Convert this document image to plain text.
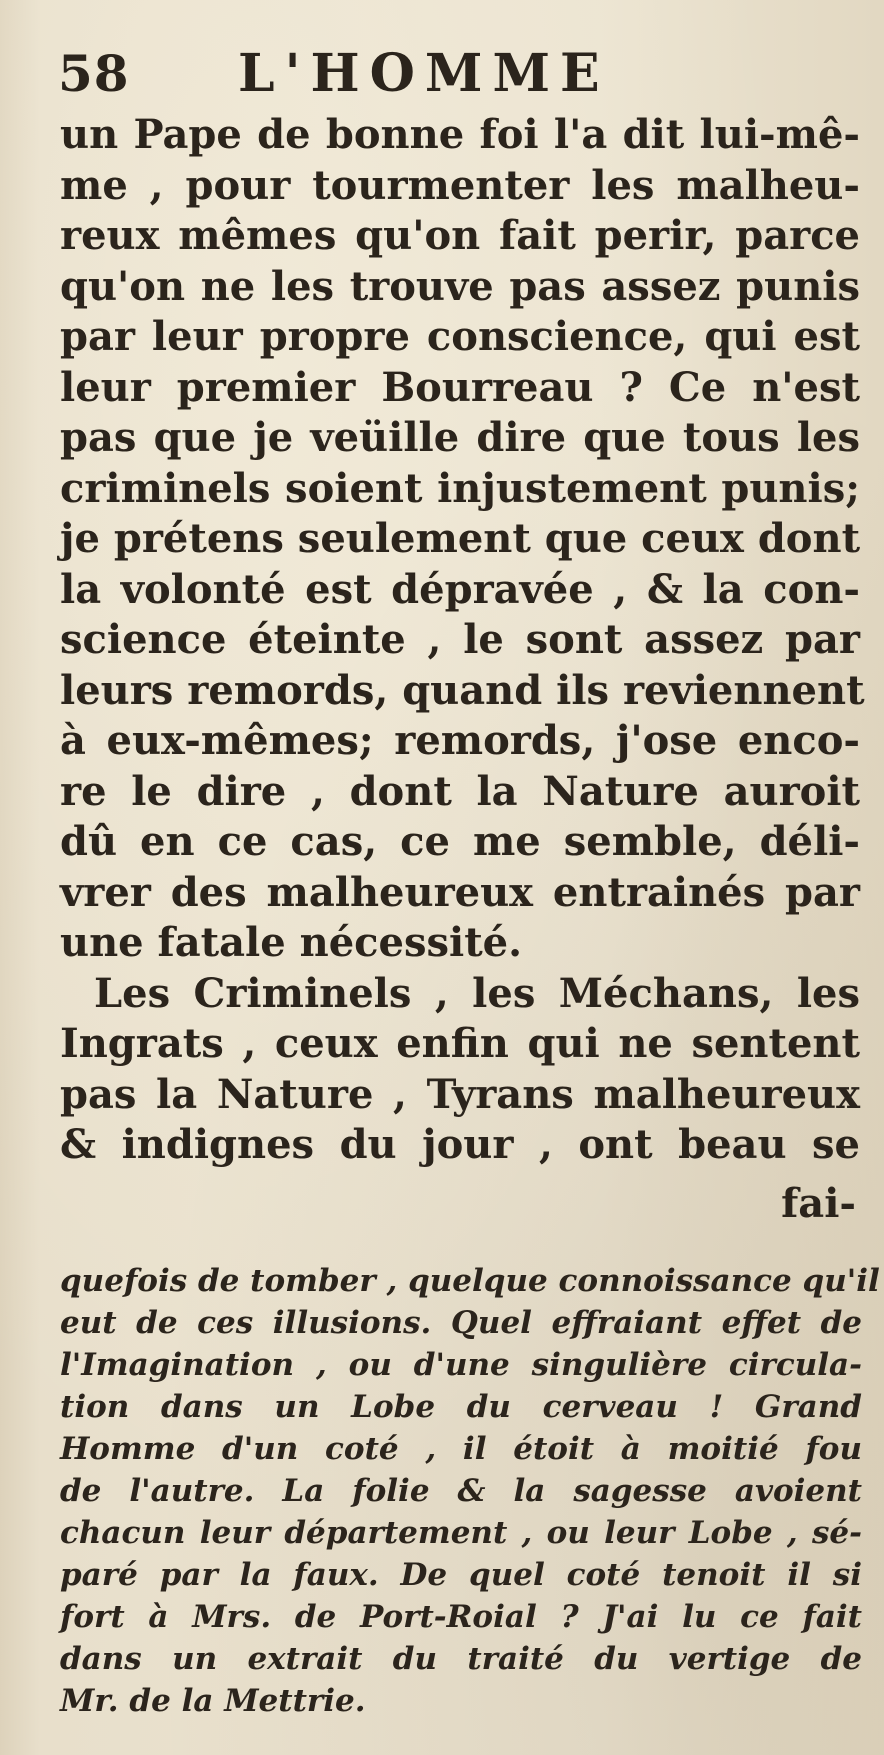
58 L'HOMME
un Pape de bonne foi l'a dit lui-mê-
me , pour tourmenter les malheu-
reux mêmes qu'on fait perir, parce
qu'on ne les trouve pas assez punis
par leur propre conscience, qui est
leur premier Bourreau ? Ce n'est
pas que je veüille dire que tous les
criminels soient injustement punis;
je prétens seulement que ceux dont
la volonté est dépravée , & la con-
science éteinte , le sont assez par
leurs remords, quand ils reviennent
à eux-mêmes; remords, j'ose enco-
re le dire , dont la Nature auroit
dû en ce cas, ce me semble, déli-
vrer des malheureux entrainés par
une fatale nécessité.
Les Criminels , les Méchans, les
Ingrats , ceux enfin qui ne sentent
pas la Nature , Tyrans malheureux
& indignes du jour , ont beau se
fai-
quefois de tomber , quelque connoissance qu'il
eut de ces illusions. Quel effraiant effet de
l'Imagination , ou d'une singulière circula-
tion dans un Lobe du cerveau ! Grand
Homme d'un coté , il étoit à moitié fou
de l'autre. La folie & la sagesse avoient
chacun leur département , ou leur Lobe , sé-
paré par la faux. De quel coté tenoit il si
fort à Mrs. de Port-Roial ? J'ai lu ce fait
dans un extrait du traité du vertige de
Mr. de la Mettrie.
